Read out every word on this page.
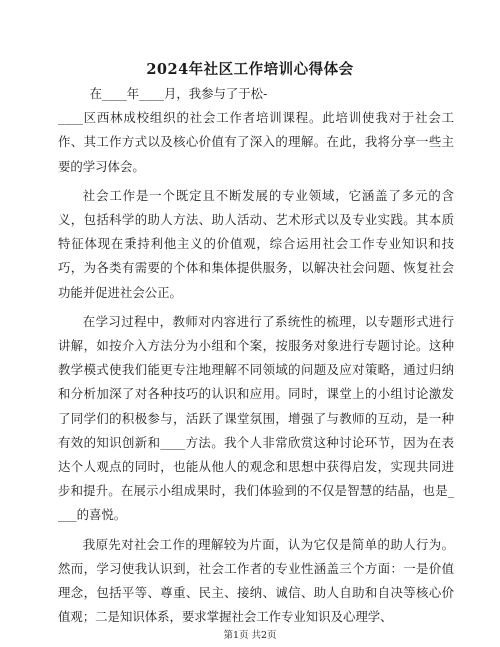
2024年社区工作培训心得体会

在____年____月，我参与了于松-

____区西林成校组织的社会工作者培训课程。此培训使我对于社会工作、其工作方式以及核心价值有了深入的理解。在此，我将分享一些主要的学习体会。

社会工作是一个既定且不断发展的专业领域，它涵盖了多元的含义，包括科学的助人方法、助人活动、艺术形式以及专业实践。其本质特征体现在秉持利他主义的价值观，综合运用社会工作专业知识和技巧，为各类有需要的个体和集体提供服务，以解决社会问题、恢复社会功能并促进社会公正。

在学习过程中，教师对内容进行了系统性的梳理，以专题形式进行讲解，如按介入方法分为小组和个案，按服务对象进行专题讨论。这种教学模式使我们能更专注地理解不同领域的问题及应对策略，通过归纳和分析加深了对各种技巧的认识和应用。同时，课堂上的小组讨论激发了同学们的积极参与，活跃了课堂氛围，增强了与教师的互动，是一种有效的知识创新和____方法。我个人非常欣赏这种讨论环节，因为在表达个人观点的同时，也能从他人的观念和思想中获得启发，实现共同进步和提升。在展示小组成果时，我们体验到的不仅是智慧的结晶，也是____的喜悦。

我原先对社会工作的理解较为片面，认为它仅是简单的助人行为。然而，学习使我认识到，社会工作者的专业性涵盖三个方面：一是价值理念，包括平等、尊重、民主、接纳、诚信、助人自助和自决等核心价值观；二是知识体系，要求掌握社会工作专业知识及心理学、

第1页 共2页
